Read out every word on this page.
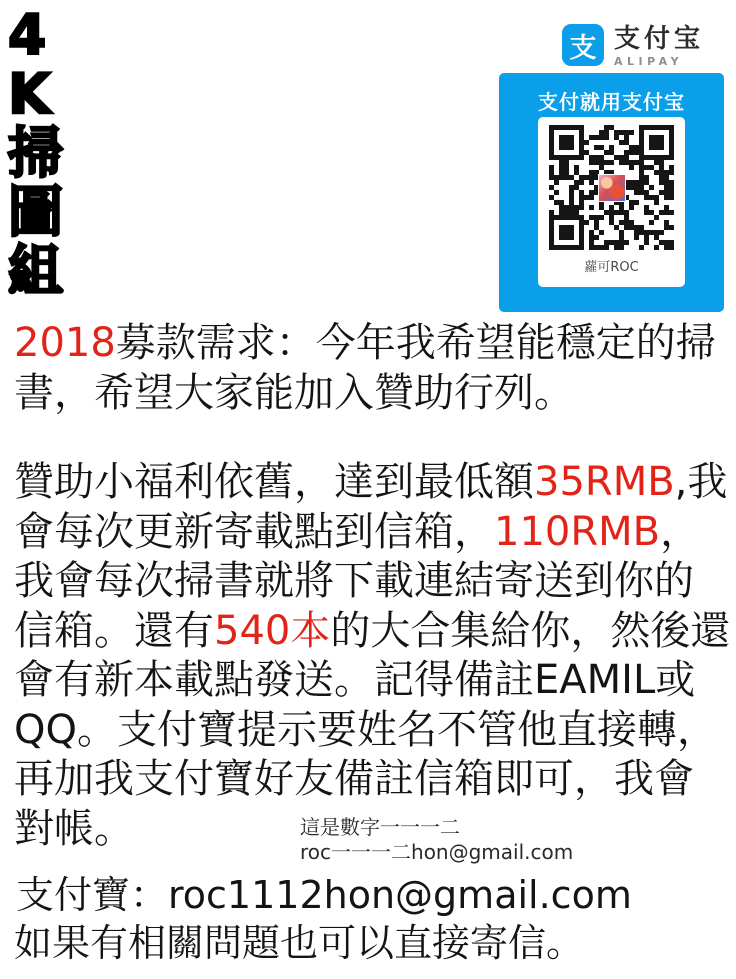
4
K
掃
圖
組
支 支付宝
ALIPAY
支付就用支付宝
蘿可ROC
2018募款需求：今年我希望能穩定的掃書，希望大家能加入贊助行列。
贊助小福利依舊，達到最低額35RMB,我會每次更新寄載點到信箱，110RMB，我會每次掃書就將下載連結寄送到你的信箱。還有540本的大合集給你，然後還會有新本載點發送。記得備註EAMIL或QQ。支付寶提示要姓名不管他直接轉，再加我支付寶好友備註信箱即可，我會對帳。	這是數字一一一二
roc一一一二hon@gmail.com
支付寶：roc1112hon@gmail.com
如果有相關問題也可以直接寄信。
